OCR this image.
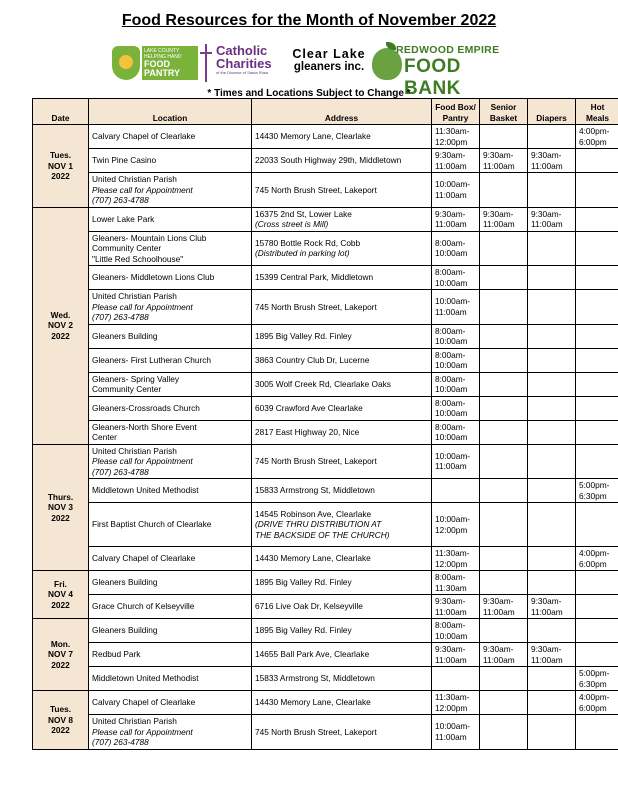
Food Resources for the Month of November 2022
LAKE COUNTY
HELPING HAND
FOOD
PANTRY
Catholic
Charities
of the Diocese of Santa Rosa
Clear Lake
gleaners inc.
REDWOOD EMPIRE
FOOD BANK
* Times and Locations Subject to Change *
Date	Location	Address	Food Box/
Pantry	Senior
Basket	Diapers	Hot
Meals

Tues.
NOV 1
2022	Calvary Chapel of Clearlake	14430 Memory Lane, Clearlake	11:30am-
12:00pm			4:00pm-
6:00pm

	Twin Pine Casino	22033 South Highway 29th, Middletown	9:30am-
11:00am	9:30am-
11:00am	9:30am-
11:00am	

	United Christian Parish
Please call for Appointment
(707) 263-4788	745 North Brush Street, Lakeport	10:00am-
11:00am			

Wed.
NOV 2
2022	Lower Lake Park	16375 2nd St, Lower Lake
(Cross street is Mill)	9:30am-
11:00am	9:30am-
11:00am	9:30am-
11:00am	

	Gleaners- Mountain Lions Club
Community Center
"Little Red Schoolhouse"	15780 Bottle Rock Rd, Cobb
(Distributed in parking lot)	8:00am-
10:00am			

	Gleaners- Middletown Lions Club	15399 Central Park, Middletown	8:00am-
10:00am			

	United Christian Parish
Please call for Appointment
(707) 263-4788	745 North Brush Street, Lakeport	10:00am-
11:00am			

	Gleaners Building	1895 Big Valley Rd. Finley	8:00am-
10:00am			

	Gleaners- First Lutheran Church	3863 Country Club Dr, Lucerne	8:00am-
10:00am			

	Gleaners- Spring Valley
Community Center	3005 Wolf Creek Rd, Clearlake Oaks	8:00am-
10:00am			

	Gleaners-Crossroads Church	6039 Crawford Ave Clearlake	8:00am-
10:00am			

	Gleaners-North Shore Event
Center	2817 East Highway 20, Nice	8:00am-
10:00am			

Thurs.
NOV 3
2022	United Christian Parish
Please call for Appointment
(707) 263-4788	745 North Brush Street, Lakeport	10:00am-
11:00am			

	Middletown United Methodist	15833 Armstrong St, Middletown				5:00pm-
6:30pm

	First Baptist Church of Clearlake	14545 Robinson Ave, Clearlake
(DRIVE THRU DISTRIBUTION AT
THE BACKSIDE OF THE CHURCH)	10:00am-
12:00pm			

	Calvary Chapel of Clearlake	14430 Memory Lane, Clearlake	11:30am-
12:00pm			4:00pm-
6:00pm

Fri.
NOV 4
2022	Gleaners Building	1895 Big Valley Rd. Finley	8:00am-
11:30am			

	Grace Church of Kelseyville	6716 Live Oak Dr, Kelseyville	9:30am-
11:00am	9:30am-
11:00am	9:30am-
11:00am	

Mon.
NOV 7
2022	Gleaners Building	1895 Big Valley Rd. Finley	8:00am-
10:00am			

	Redbud Park	14655 Ball Park Ave, Clearlake	9:30am-
11:00am	9:30am-
11:00am	9:30am-
11:00am	

	Middletown United Methodist	15833 Armstrong St, Middletown				5:00pm-
6:30pm

Tues.
NOV 8
2022	Calvary Chapel of Clearlake	14430 Memory Lane, Clearlake	11:30am-
12:00pm			4:00pm-
6:00pm

	United Christian Parish
Please call for Appointment
(707) 263-4788	745 North Brush Street, Lakeport	10:00am-
11:00am			
